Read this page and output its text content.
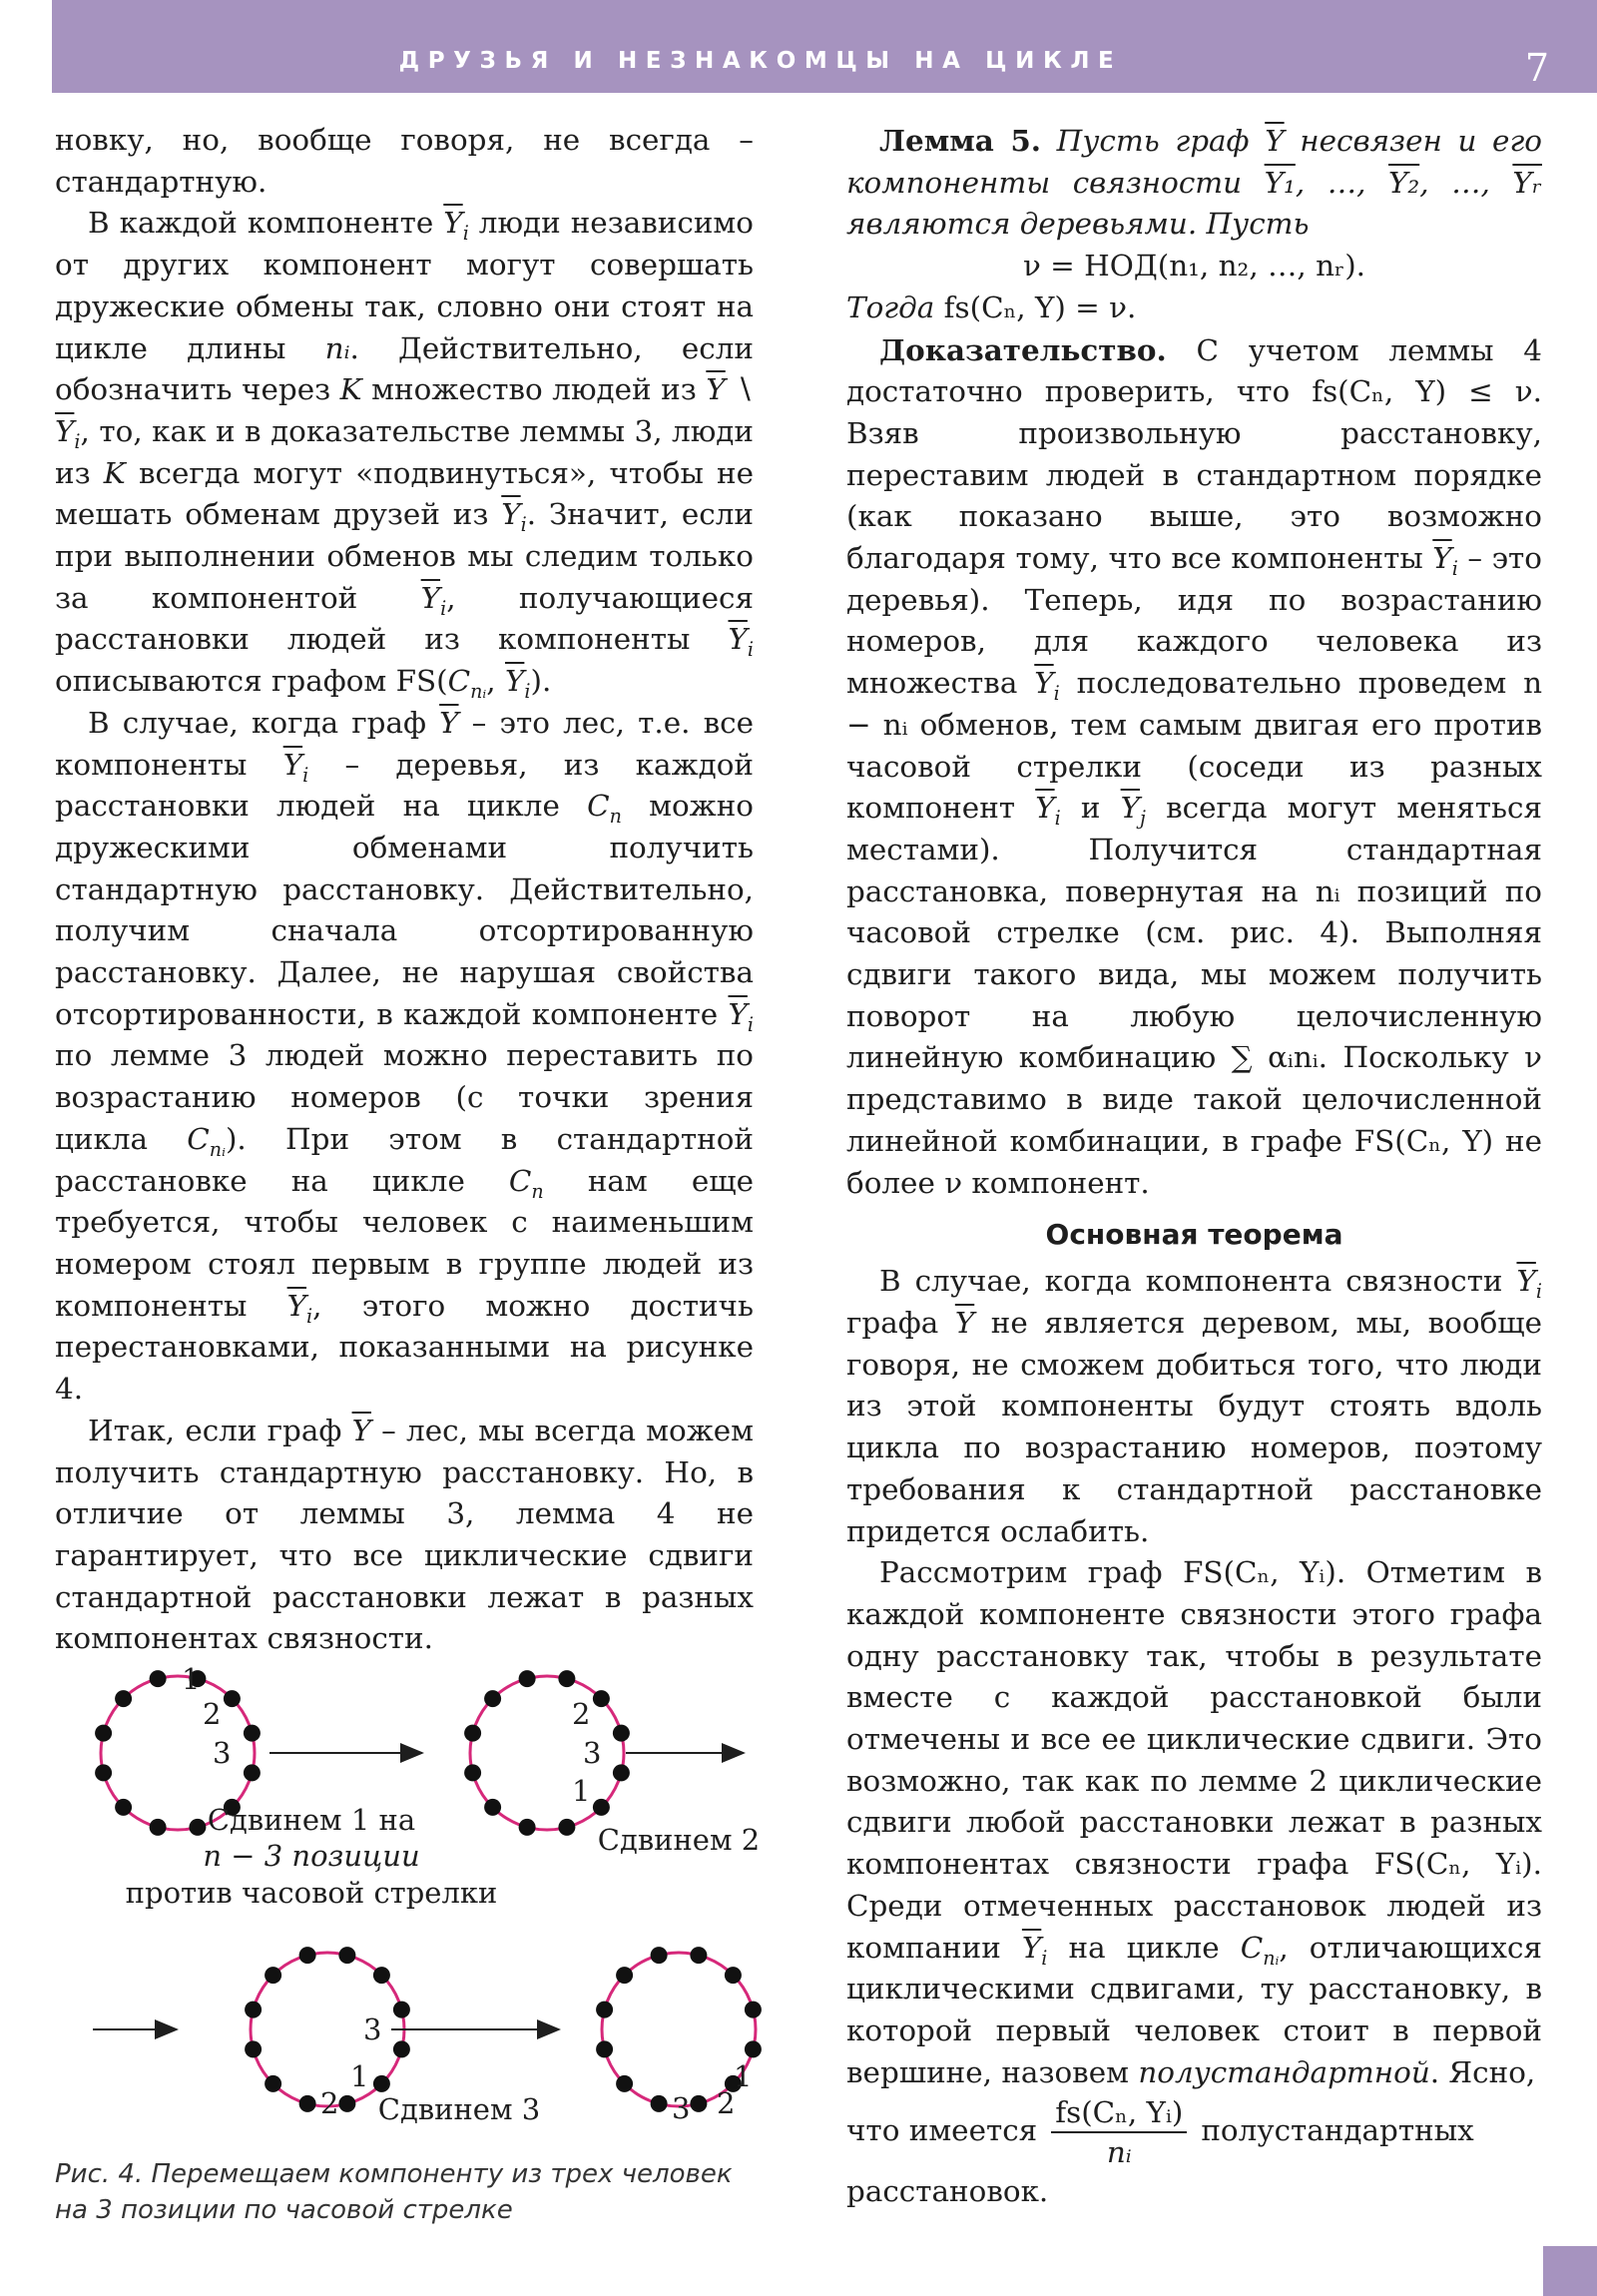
ДРУЗЬЯ И НЕЗНАКОМЦЫ НА ЦИКЛЕ	7

новку, но, вообще говоря, не всегда – стандартную.

В каждой компоненте $\overline{Y}_i$ люди независимо от других компонент могут совершать дружеские обмены так, словно они стоят на цикле длины nᵢ. Действительно, если обозначить через K множество людей из $\overline{Y}$ ∖ $\overline{Y}_i$, то, как и в доказательстве леммы 3, люди из K всегда могут «подвинуться», чтобы не мешать обменам друзей из $\overline{Y}_i$. Значит, если при выполнении обменов мы следим только за компонентой $\overline{Y}_i$, получающиеся расстановки людей из компоненты $\overline{Y}_i$ описываются графом $FS(C_{nᵢ}$, $\overline{Y}_i$).

В случае, когда граф $\overline{Y}$ – это лес, т.е. все компоненты $\overline{Y}_i$ – деревья, из каждой расстановки людей на цикле $C_n$ можно дружескими обменами получить стандартную расстановку. Действительно, получим сначала отсортированную расстановку. Далее, не нарушая свойства отсортированности, в каждой компоненте $\overline{Y}_i$ по лемме 3 людей можно переставить по возрастанию номеров (с точки зрения цикла $C_{nᵢ}$). При этом в стандартной расстановке на цикле $C_n$ нам еще требуется, чтобы человек с наименьшим номером стоял первым в группе людей из компоненты $\overline{Y}_i$, этого можно достичь перестановками, показанными на рисунке 4.

Итак, если граф $\overline{Y}$ – лес, мы всегда можем получить стандартную расстановку. Но, в отличие от леммы 3, лемма 4 не гарантирует, что все циклические сдвиги стандартной расстановки лежат в разных компонентах связности.

1
2
3
2
3
1
3
1
2
1
2
3
Сдвинем 1 на
n − 3 позиции
против часовой стрелки
Сдвинем 2
Сдвинем 3
Рис. 4. Перемещаем компоненту из трех человек на 3 позиции по часовой стрелке

Лемма 5. Пусть граф $\overline{Y}$ несвязен и его компоненты связности Y₁, …, Y₂, …, $\overline{Yᵣ}$ являются деревьями. Пусть

ν = НОД(n₁, n₂, …, nᵣ).

Тогда fs(Cₙ, Y) = ν.

Доказательство. С учетом леммы 4 достаточно проверить, что fs(Cₙ, Y) ≤ ν. Взяв произвольную расстановку, переставим людей в стандартном порядке (как показано выше, это возможно благодаря тому, что все компоненты $\overline{Y}_i$ – это деревья). Теперь, идя по возрастанию номеров, для каждого человека из множества $\overline{Y}_i$ последовательно проведем n − nᵢ обменов, тем самым двигая его против часовой стрелки (соседи из разных компонент $\overline{Y}_i$ и $\overline{Y}_j$ всегда могут меняться местами). Получится стандартная расстановка, повернутая на nᵢ позиций по часовой стрелке (см. рис. 4). Выполняя сдвиги такого вида, мы можем получить поворот на любую целочисленную линейную комбинацию ∑ αᵢnᵢ. Поскольку ν представимо в виде такой целочисленной линейной комбинации, в графе FS(Cₙ, Y) не более ν компонент.

Основная теорема

В случае, когда компонента связности $\overline{Y}_i$ графа $\overline{Y}$ не является деревом, мы, вообще говоря, не сможем добиться того, что люди из этой компоненты будут стоять вдоль цикла по возрастанию номеров, поэтому требования к стандартной расстановке придется ослабить.

Рассмотрим граф FS(Cₙ, Yᵢ). Отметим в каждой компоненте связности этого графа одну расстановку так, чтобы в результате вместе с каждой расстановкой были отмечены и все ее циклические сдвиги. Это возможно, так как по лемме 2 циклические сдвиги любой расстановки лежат в разных компонентах связности графа FS(Cₙ, Yᵢ). Среди отмеченных расстановок людей из компании $\overline{Y}_i$ на цикле $C_{nᵢ}$, отличающихся циклическими сдвигами, ту расстановку, в которой первый человек стоит в первой вершине, назовем полустандартной. Ясно,

что имеется $\frac{\text{fs(Cₙ, Yᵢ)}}{\text{nᵢ}}$ полустандартных
расстановок.
